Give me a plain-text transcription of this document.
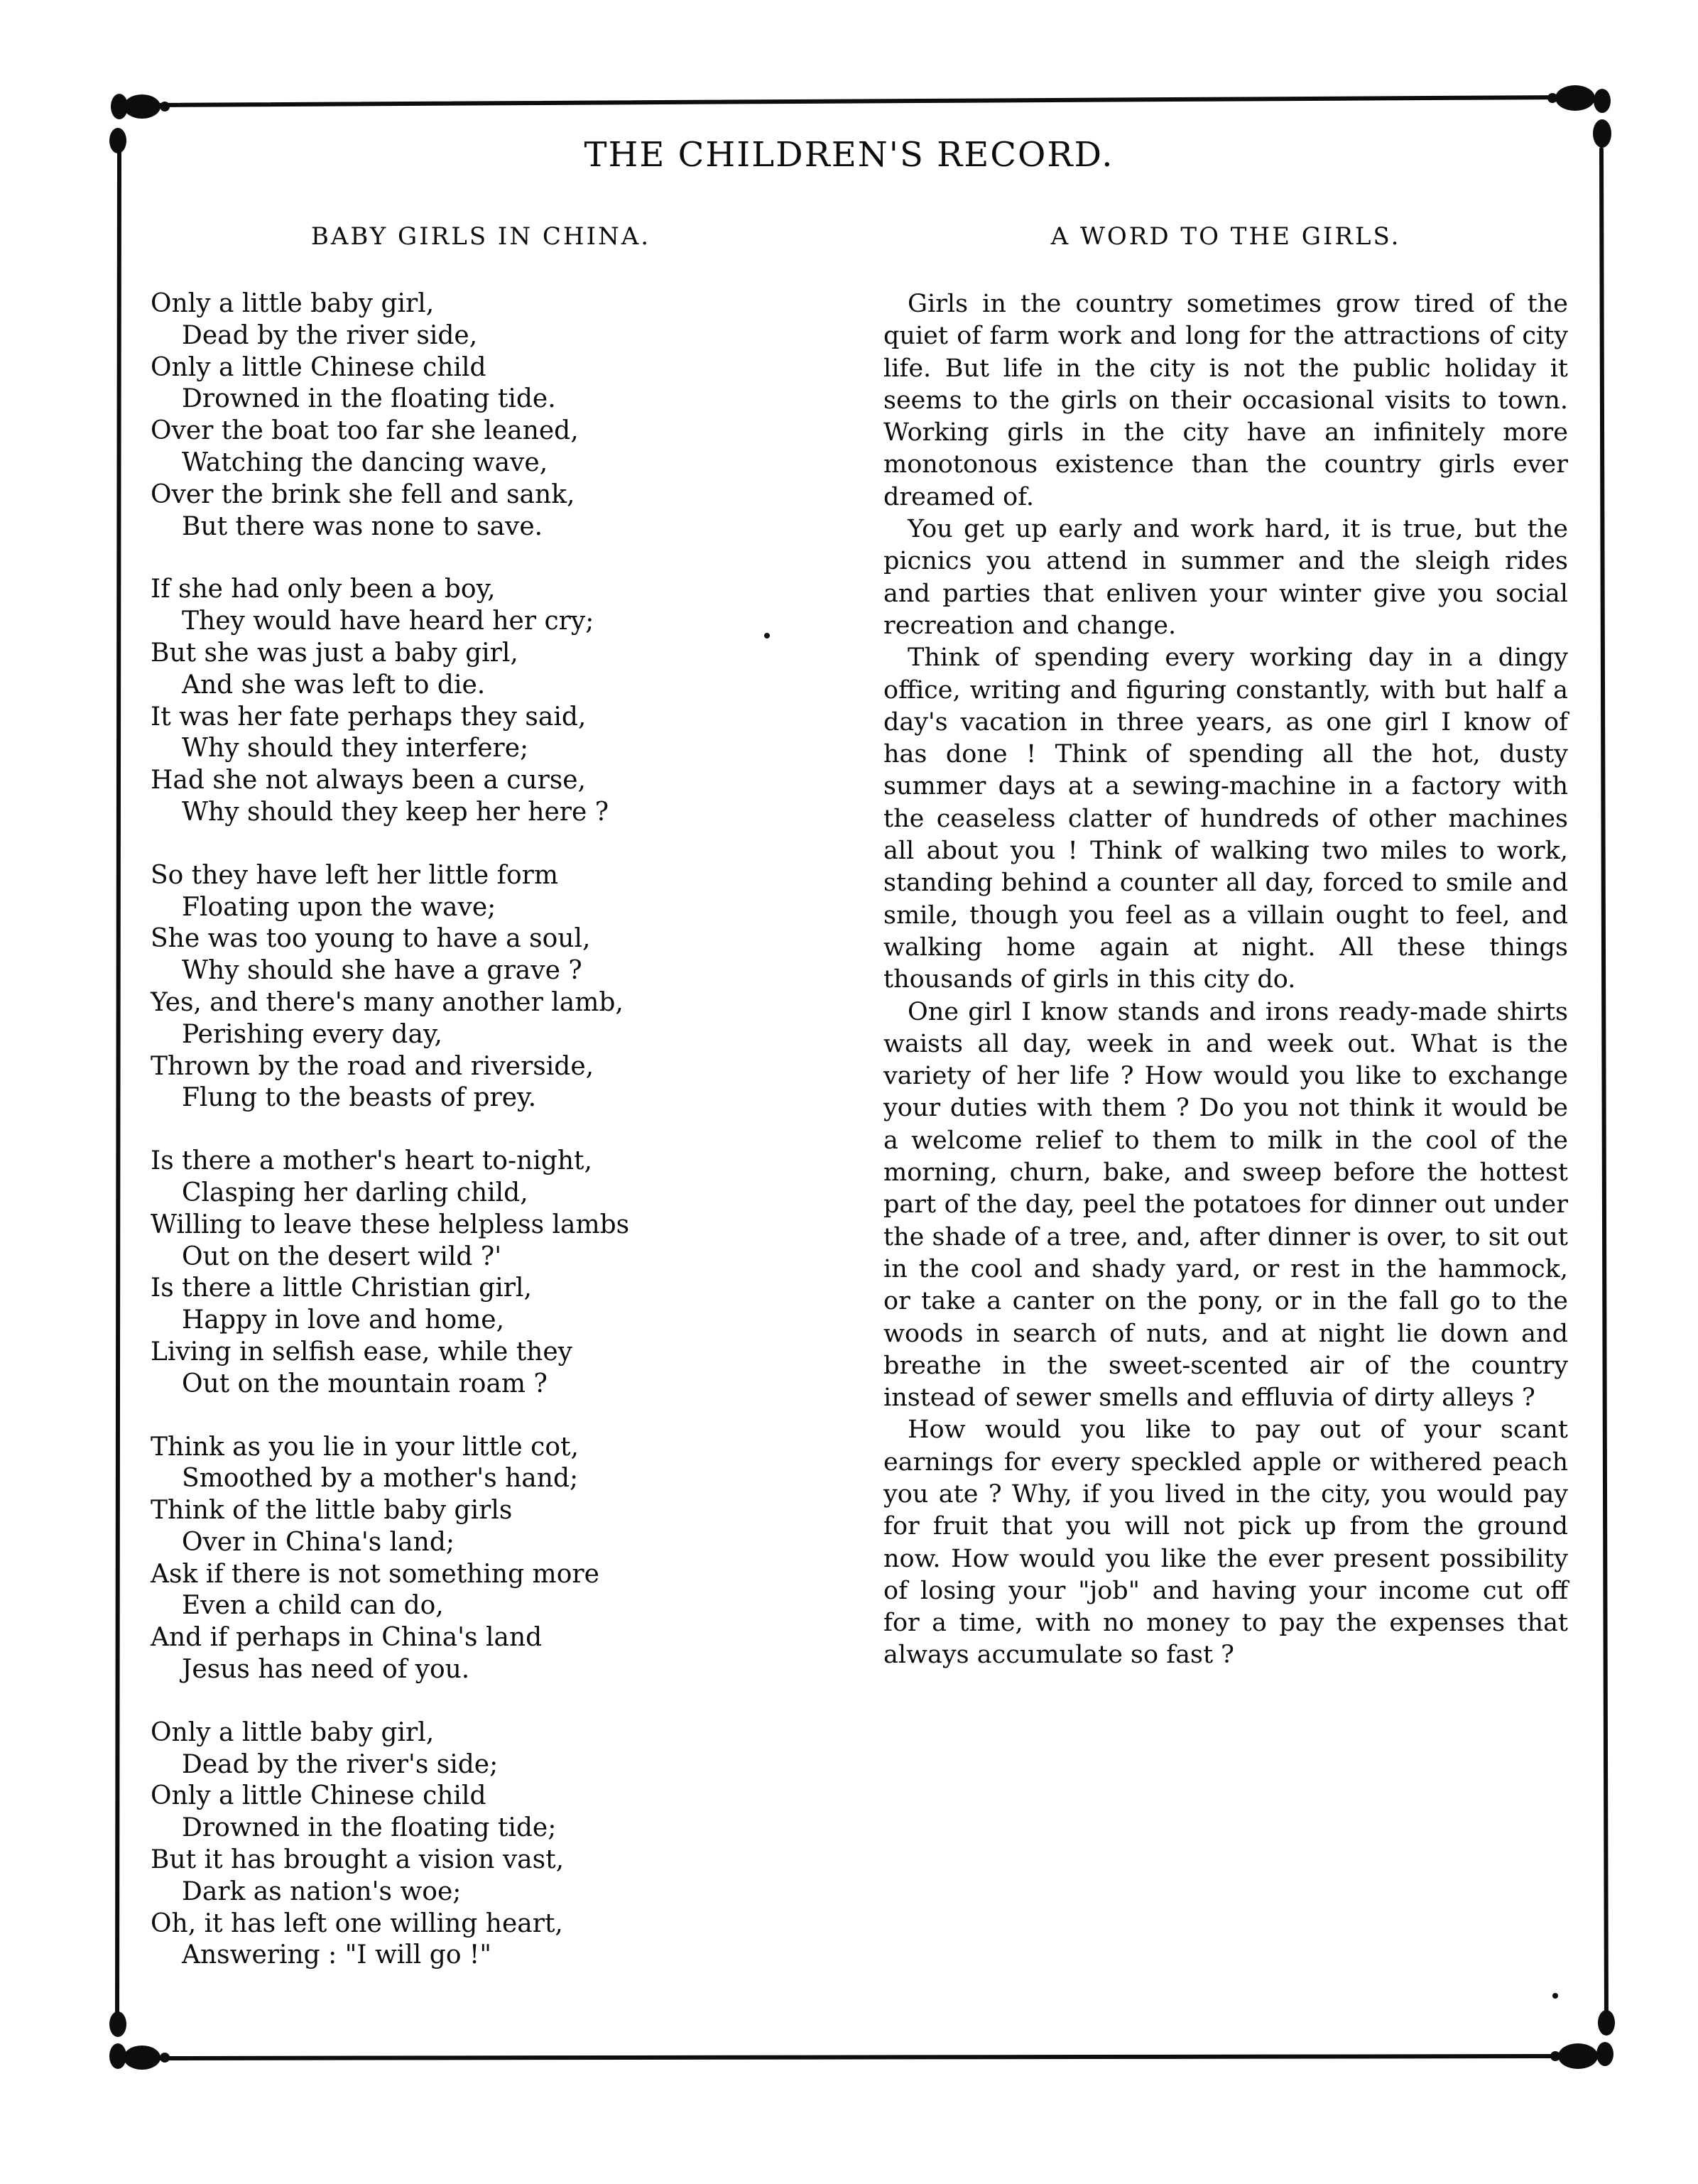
THE CHILDREN'S RECORD.
BABY GIRLS IN CHINA.
Only a little baby girl,
Dead by the river side,
Only a little Chinese child
Drowned in the floating tide.
Over the boat too far she leaned,
Watching the dancing wave,
Over the brink she fell and sank,
But there was none to save.
If she had only been a boy,
They would have heard her cry;
But she was just a baby girl,
And she was left to die.
It was her fate perhaps they said,
Why should they interfere;
Had she not always been a curse,
Why should they keep her here ?
So they have left her little form
Floating upon the wave;
She was too young to have a soul,
Why should she have a grave ?
Yes, and there's many another lamb,
Perishing every day,
Thrown by the road and riverside,
Flung to the beasts of prey.
Is there a mother's heart to-night,
Clasping her darling child,
Willing to leave these helpless lambs
Out on the desert wild ?'
Is there a little Christian girl,
Happy in love and home,
Living in selfish ease, while they
Out on the mountain roam ?
Think as you lie in your little cot,
Smoothed by a mother's hand;
Think of the little baby girls
Over in China's land;
Ask if there is not something more
Even a child can do,
And if perhaps in China's land
Jesus has need of you.
Only a little baby girl,
Dead by the river's side;
Only a little Chinese child
Drowned in the floating tide;
But it has brought a vision vast,
Dark as nation's woe;
Oh, it has left one willing heart,
Answering : "I will go !"
A WORD TO THE GIRLS.

Girls in the country sometimes grow tired of the quiet of farm work and long for the attractions of city life. But life in the city is not the public holiday it seems to the girls on their occasional visits to town. Working girls in the city have an infinitely more monotonous existence than the country girls ever dreamed of.

You get up early and work hard, it is true, but the picnics you attend in summer and the sleigh rides and parties that enliven your winter give you social recreation and change.

Think of spending every working day in a dingy office, writing and figuring constantly, with but half a day's vacation in three years, as one girl I know of has done ! Think of spending all the hot, dusty summer days at a sewing-machine in a factory with the ceaseless clatter of hundreds of other machines all about you ! Think of walking two miles to work, standing behind a counter all day, forced to smile and smile, though you feel as a villain ought to feel, and walking home again at night. All these things thousands of girls in this city do.

One girl I know stands and irons ready-made shirts waists all day, week in and week out. What is the variety of her life ? How would you like to exchange your duties with them ? Do you not think it would be a welcome relief to them to milk in the cool of the morning, churn, bake, and sweep before the hottest part of the day, peel the potatoes for dinner out under the shade of a tree, and, after dinner is over, to sit out in the cool and shady yard, or rest in the hammock, or take a canter on the pony, or in the fall go to the woods in search of nuts, and at night lie down and breathe in the sweet-scented air of the country instead of sewer smells and effluvia of dirty alleys ?

How would you like to pay out of your scant earnings for every speckled apple or withered peach you ate ? Why, if you lived in the city, you would pay for fruit that you will not pick up from the ground now. How would you like the ever present possibility of losing your "job" and having your income cut off for a time, with no money to pay the expenses that always accumulate so fast ?
